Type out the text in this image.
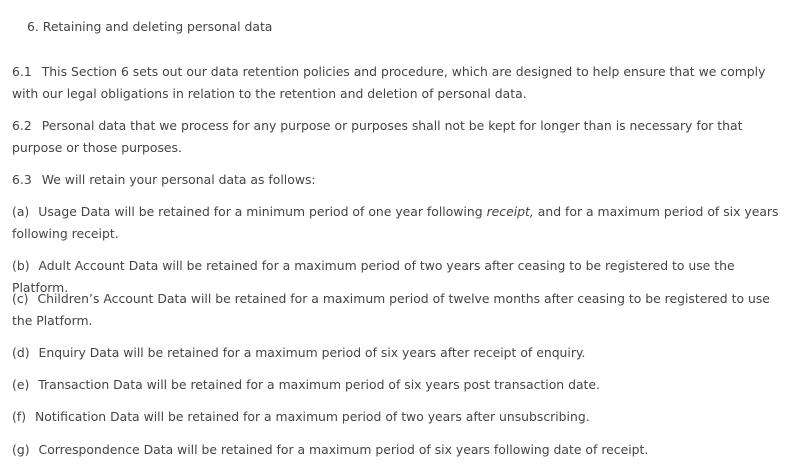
6. Retaining and deleting personal data

6.1 This Section 6 sets out our data retention policies and procedure, which are designed to help ensure that we comply with our legal obligations in relation to the retention and deletion of personal data.

6.2 Personal data that we process for any purpose or purposes shall not be kept for longer than is necessary for that purpose or those purposes.

6.3 We will retain your personal data as follows:

(a) Usage Data will be retained for a minimum period of one year following receipt, and for a maximum period of six years following receipt.

(b) Adult Account Data will be retained for a maximum period of two years after ceasing to be registered to use the Platform.

(c) Children’s Account Data will be retained for a maximum period of twelve months after ceasing to be registered to use the Platform.

(d) Enquiry Data will be retained for a maximum period of six years after receipt of enquiry.

(e) Transaction Data will be retained for a maximum period of six years post transaction date.

(f) Notification Data will be retained for a maximum period of two years after unsubscribing.

(g) Correspondence Data will be retained for a maximum period of six years following date of receipt.
